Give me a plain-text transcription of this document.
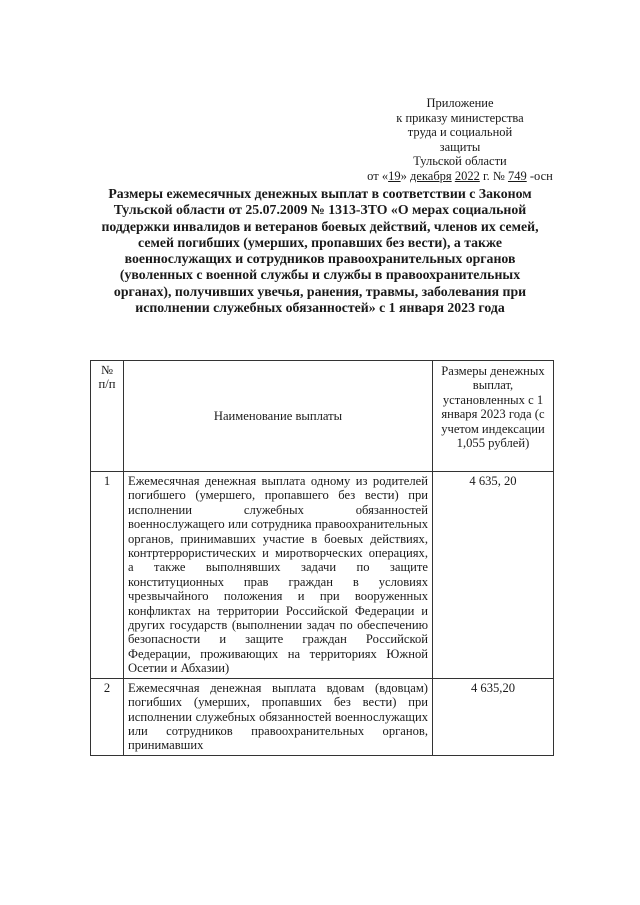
Приложение
к приказу министерства
труда и социальной
защиты
Тульской области
от «19» декабря 2022 г. № 749 -осн
Размеры ежемесячных денежных выплат в соответствии с Законом Тульской области от 25.07.2009 № 1313-ЗТО «О мерах социальной поддержки инвалидов и ветеранов боевых действий, членов их семей, семей погибших (умерших, пропавших без вести), а также военнослужащих и сотрудников правоохранительных органов (уволенных с военной службы и службы в правоохранительных органах), получивших увечья, ранения, травмы, заболевания при исполнении служебных обязанностей» с 1 января 2023 года
№ п/п	Наименование выплаты	Размеры денежных выплат, установленных с 1 января 2023 года (с учетом индексации 1,055 рублей)
1	Ежемесячная денежная выплата одному из родителей погибшего (умершего, пропавшего без вести) при исполнении служебных обязанностей военнослужащего или сотрудника правоохранительных органов, принимавших участие в боевых действиях, контртеррористических и миротворческих операциях, а также выполнявших задачи по защите конституционных прав граждан в условиях чрезвычайного положения и при вооруженных конфликтах на территории Российской Федерации и других государств (выполнении задач по обеспечению безопасности и защите граждан Российской Федерации, проживающих на территориях Южной Осетии и Абхазии)	4 635, 20
2	Ежемесячная денежная выплата вдовам (вдовцам) погибших (умерших, пропавших без вести) при исполнении служебных обязанностей военнослужащих или сотрудников правоохранительных органов, принимавших	4 635,20
